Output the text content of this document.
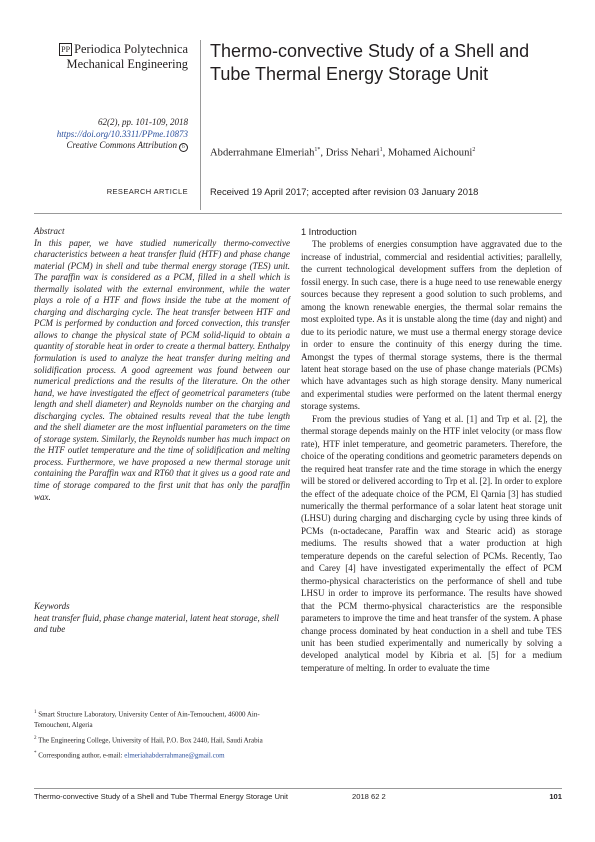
PP Periodica Polytechnica
Mechanical Engineering
Thermo-convective Study of a Shell and Tube Thermal Energy Storage Unit
62(2), pp. 101-109, 2018
https://doi.org/10.3311/PPme.10873
Creative Commons Attribution b
Abderrahmane Elmeriah$^{1*}$, Driss Nehari$^1$, Mohamed Aichouni$^2$
RESEARCH ARTICLE Received 19 April 2017; accepted after revision 03 January 2018

Abstract

In this paper, we have studied numerically thermo-convective characteristics between a heat transfer fluid (HTF) and phase change material (PCM) in shell and tube thermal energy storage (TES) unit. The paraffin wax is considered as a PCM, filled in a shell which is thermally isolated with the external environment, while the water plays a role of a HTF and flows inside the tube at the moment of charging and discharging cycle. The heat transfer between HTF and PCM is performed by conduction and forced convection, this transfer allows to change the physical state of PCM solid-liquid to obtain a quantity of storable heat in order to create a thermal battery. Enthalpy formulation is used to analyze the heat transfer during melting and solidification process. A good agreement was found between our numerical predictions and the results of the literature. On the other hand, we have investigated the effect of geometrical parameters (tube length and shell diameter) and Reynolds number on the charging and discharging cycles. The obtained results reveal that the tube length and the shell diameter are the most influential parameters on the time of storage system. Similarly, the Reynolds number has much impact on the HTF outlet temperature and the time of solidification and melting process. Furthermore, we have proposed a new thermal storage unit containing the Paraffin wax and RT60 that it gives us a good rate and time of storage compared to the first unit that has only the paraffin wax.

Keywords

heat transfer fluid, phase change material, latent heat storage, shell and tube

$^1$ Smart Structure Laboratory, University Center of Ain-Temouchent, 46000 Ain-Temouchent, Algeria

$^2$ The Engineering College, University of Hail, P.O. Box 2440, Hail, Saudi Arabia

* Corresponding author, e-mail: elmeriahabderrahmane@gmail.com

1 Introduction

The problems of energies consumption have aggravated due to the increase of industrial, commercial and residential activities; parallelly, the current technological development suffers from the depletion of fossil energy. In such case, there is a huge need to use renewable energy sources because they represent a good solution to such problems, and among the known renewable energies, the thermal solar remains the most exploited type. As it is unstable along the time (day and night) and due to its periodic nature, we must use a thermal energy storage device in order to ensure the continuity of this energy during the time. Amongst the types of thermal storage systems, there is the thermal latent heat storage based on the use of phase change materials (PCMs) which have advantages such as high storage density. Many numerical and experimental studies were performed on the latent thermal energy storage systems.

From the previous studies of Yang et al. [1] and Trp et al. [2], the thermal storage depends mainly on the HTF inlet velocity (or mass flow rate), HTF inlet temperature, and geometric parameters. Therefore, the choice of the operating conditions and geometric parameters depends on the required heat transfer rate and the time storage in which the energy will be stored or delivered according to Trp et al. [2]. In order to explore the effect of the adequate choice of the PCM, El Qarnia [3] has studied numerically the thermal performance of a solar latent heat storage unit (LHSU) during charging and discharging cycle by using three kinds of PCMs (n-octadecane, Paraffin wax and Stearic acid) as storage mediums. The results showed that a water production at high temperature depends on the careful selection of PCMs. Recently, Tao and Carey [4] have investigated experimentally the effect of PCM thermo-physical characteristics on the performance of shell and tube LHSU in order to improve its performance. The results have showed that the PCM thermo-physical characteristics are the responsible parameters to improve the time and heat transfer of the system. A phase change process dominated by heat conduction in a shell and tube TES unit has been studied experimentally and numerically by solving a developed analytical model by Kibria et al. [5] for a medium temperature of melting. In order to evaluate the time

Thermo-convective Study of a Shell and Tube Thermal Energy Storage Unit	2018 62 2	101
